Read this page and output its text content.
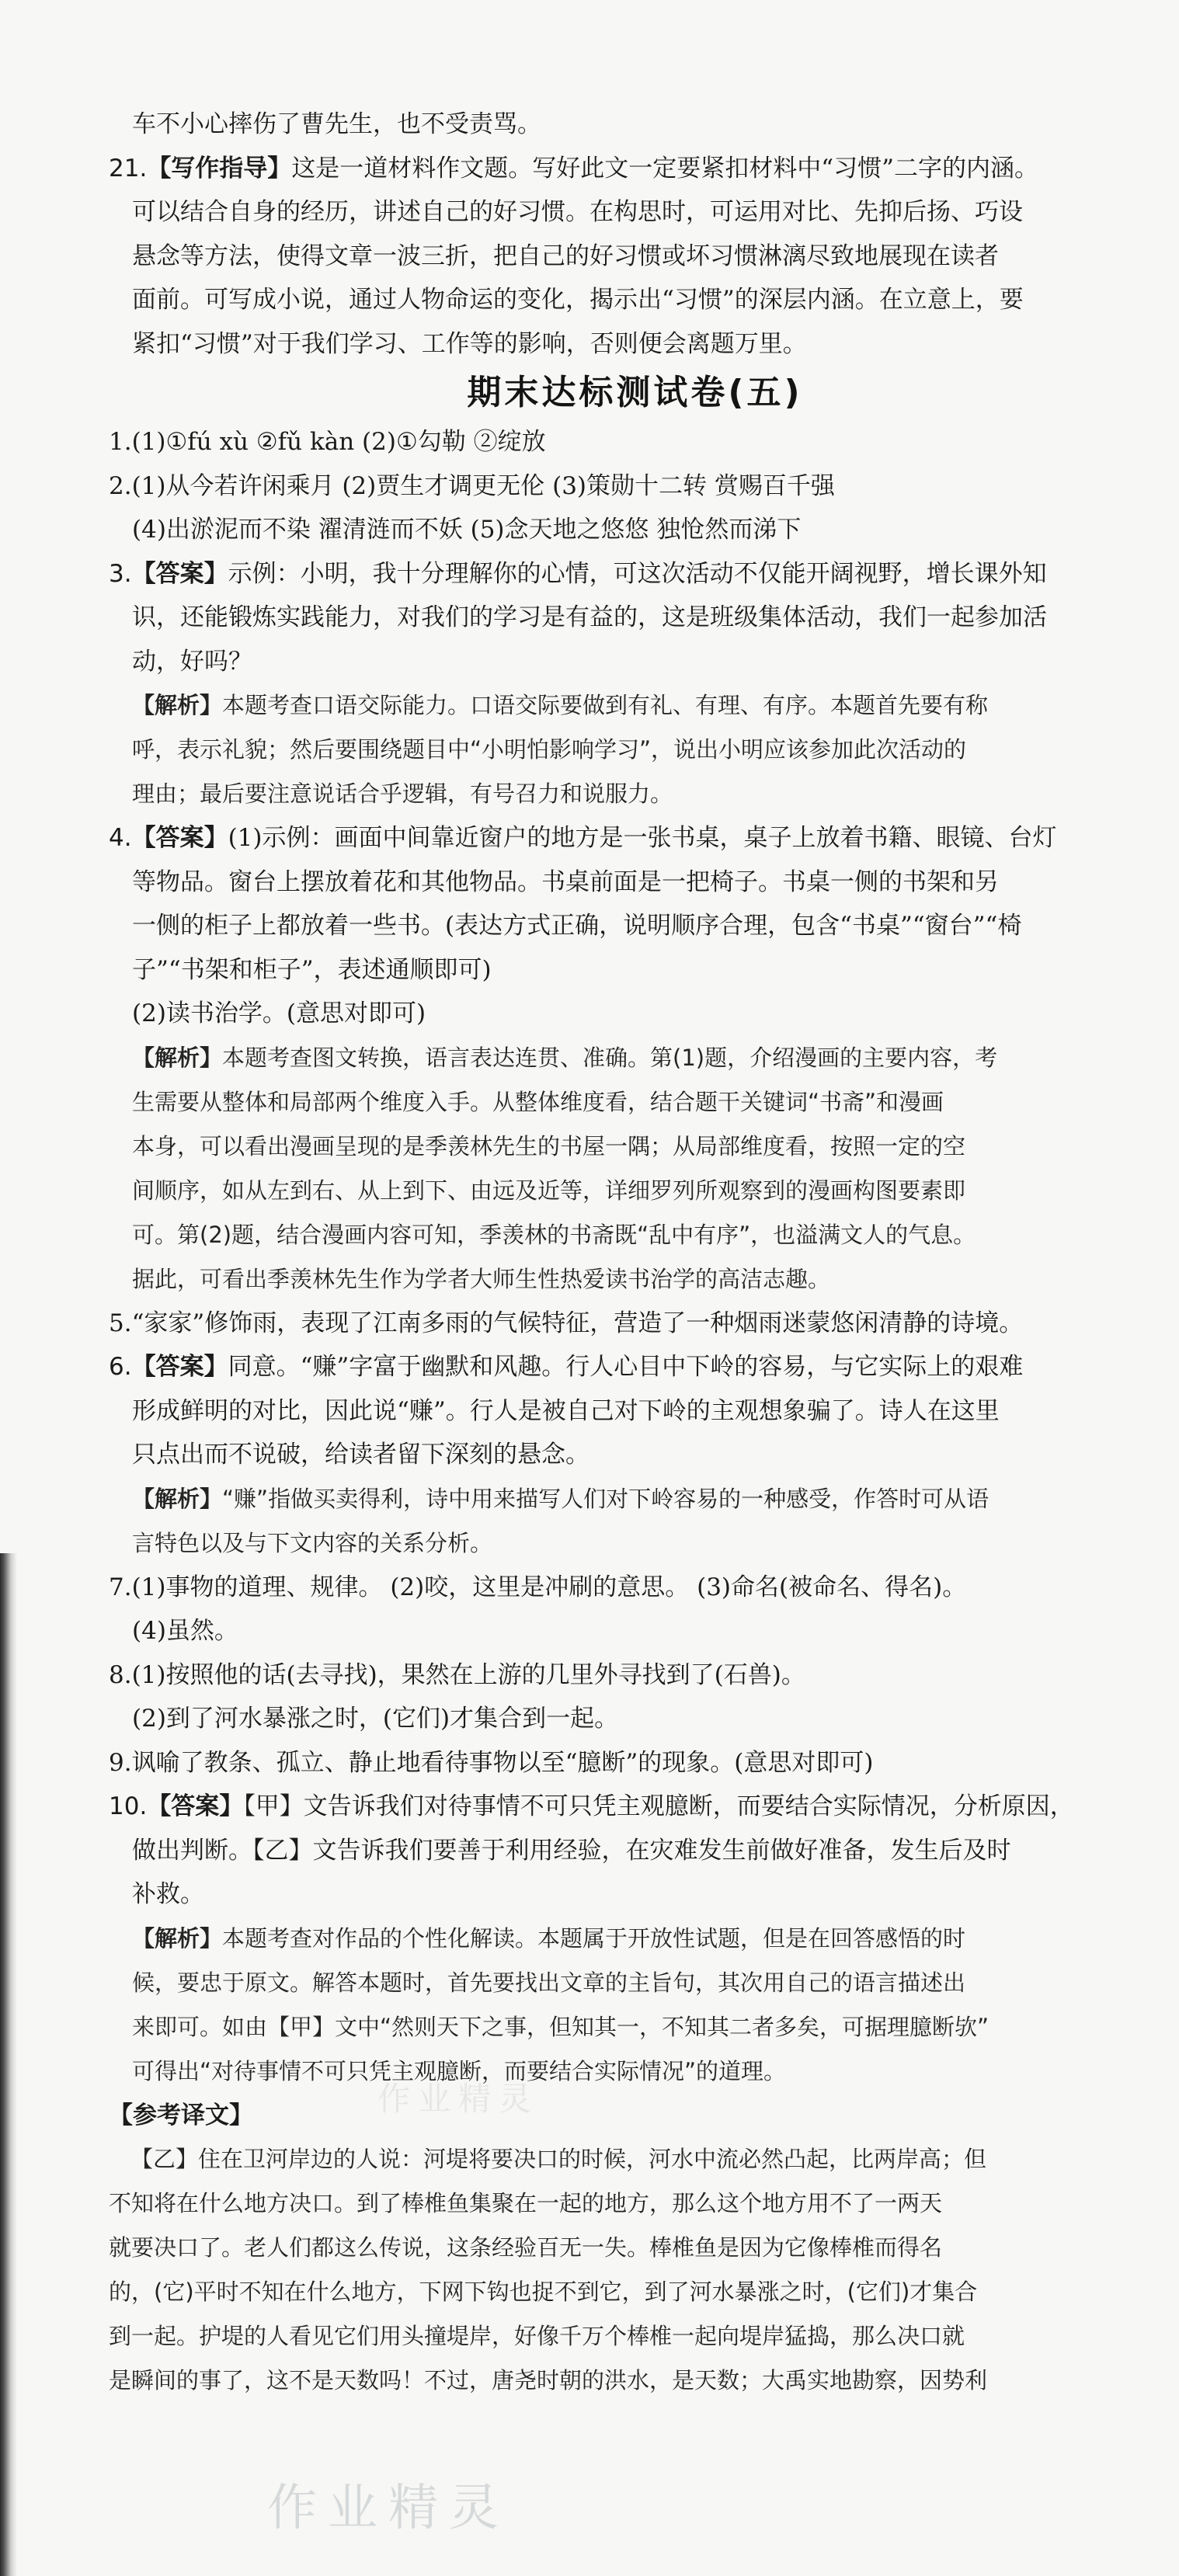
车不小心摔伤了曹先生，也不受责骂。

21.【写作指导】这是一道材料作文题。写好此文一定要紧扣材料中“习惯”二字的内涵。

可以结合自身的经历，讲述自己的好习惯。在构思时，可运用对比、先抑后扬、巧设

悬念等方法，使得文章一波三折，把自己的好习惯或坏习惯淋漓尽致地展现在读者

面前。可写成小说，通过人物命运的变化，揭示出“习惯”的深层内涵。在立意上，要

紧扣“习惯”对于我们学习、工作等的影响，否则便会离题万里。

期末达标测试卷(五)

1.(1)①fú xù ②fǔ kàn (2)①勾勒 ②绽放

2.(1)从今若许闲乘月 (2)贾生才调更无伦 (3)策勋十二转 赏赐百千强

(4)出淤泥而不染 濯清涟而不妖 (5)念天地之悠悠 独怆然而涕下

3.【答案】示例：小明，我十分理解你的心情，可这次活动不仅能开阔视野，增长课外知

识，还能锻炼实践能力，对我们的学习是有益的，这是班级集体活动，我们一起参加活

动，好吗？

【解析】本题考查口语交际能力。口语交际要做到有礼、有理、有序。本题首先要有称

呼，表示礼貌；然后要围绕题目中“小明怕影响学习”，说出小明应该参加此次活动的

理由；最后要注意说话合乎逻辑，有号召力和说服力。

4.【答案】(1)示例：画面中间靠近窗户的地方是一张书桌，桌子上放着书籍、眼镜、台灯

等物品。窗台上摆放着花和其他物品。书桌前面是一把椅子。书桌一侧的书架和另

一侧的柜子上都放着一些书。(表达方式正确，说明顺序合理，包含“书桌”“窗台”“椅

子”“书架和柜子”，表述通顺即可)

(2)读书治学。(意思对即可)

【解析】本题考查图文转换，语言表达连贯、准确。第(1)题，介绍漫画的主要内容，考

生需要从整体和局部两个维度入手。从整体维度看，结合题干关键词“书斋”和漫画

本身，可以看出漫画呈现的是季羡林先生的书屋一隅；从局部维度看，按照一定的空

间顺序，如从左到右、从上到下、由远及近等，详细罗列所观察到的漫画构图要素即

可。第(2)题，结合漫画内容可知，季羡林的书斋既“乱中有序”，也溢满文人的气息。

据此，可看出季羡林先生作为学者大师生性热爱读书治学的高洁志趣。

5.“家家”修饰雨，表现了江南多雨的气候特征，营造了一种烟雨迷蒙悠闲清静的诗境。

6.【答案】同意。“赚”字富于幽默和风趣。行人心目中下岭的容易，与它实际上的艰难

形成鲜明的对比，因此说“赚”。行人是被自己对下岭的主观想象骗了。诗人在这里

只点出而不说破，给读者留下深刻的悬念。

【解析】“赚”指做买卖得利，诗中用来描写人们对下岭容易的一种感受，作答时可从语

言特色以及与下文内容的关系分析。

7.(1)事物的道理、规律。 (2)咬，这里是冲刷的意思。 (3)命名(被命名、得名)。

(4)虽然。

8.(1)按照他的话(去寻找)，果然在上游的几里外寻找到了(石兽)。

(2)到了河水暴涨之时，(它们)才集合到一起。

9.讽喻了教条、孤立、静止地看待事物以至“臆断”的现象。(意思对即可)

10.【答案】【甲】文告诉我们对待事情不可只凭主观臆断，而要结合实际情况，分析原因，

做出判断。【乙】文告诉我们要善于利用经验，在灾难发生前做好准备，发生后及时

补救。

【解析】本题考查对作品的个性化解读。本题属于开放性试题，但是在回答感悟的时

候，要忠于原文。解答本题时，首先要找出文章的主旨句，其次用自己的语言描述出

来即可。如由【甲】文中“然则天下之事，但知其一，不知其二者多矣，可据理臆断欤”

可得出“对待事情不可只凭主观臆断，而要结合实际情况”的道理。

【参考译文】

【乙】住在卫河岸边的人说：河堤将要决口的时候，河水中流必然凸起，比两岸高；但

不知将在什么地方决口。到了棒椎鱼集聚在一起的地方，那么这个地方用不了一两天

就要决口了。老人们都这么传说，这条经验百无一失。棒椎鱼是因为它像棒椎而得名

的，(它)平时不知在什么地方，下网下钩也捉不到它，到了河水暴涨之时，(它们)才集合

到一起。护堤的人看见它们用头撞堤岸，好像千万个棒椎一起向堤岸猛捣，那么决口就

是瞬间的事了，这不是天数吗！不过，唐尧时朝的洪水，是天数；大禹实地勘察，因势利

作业精灵
作业精灵
